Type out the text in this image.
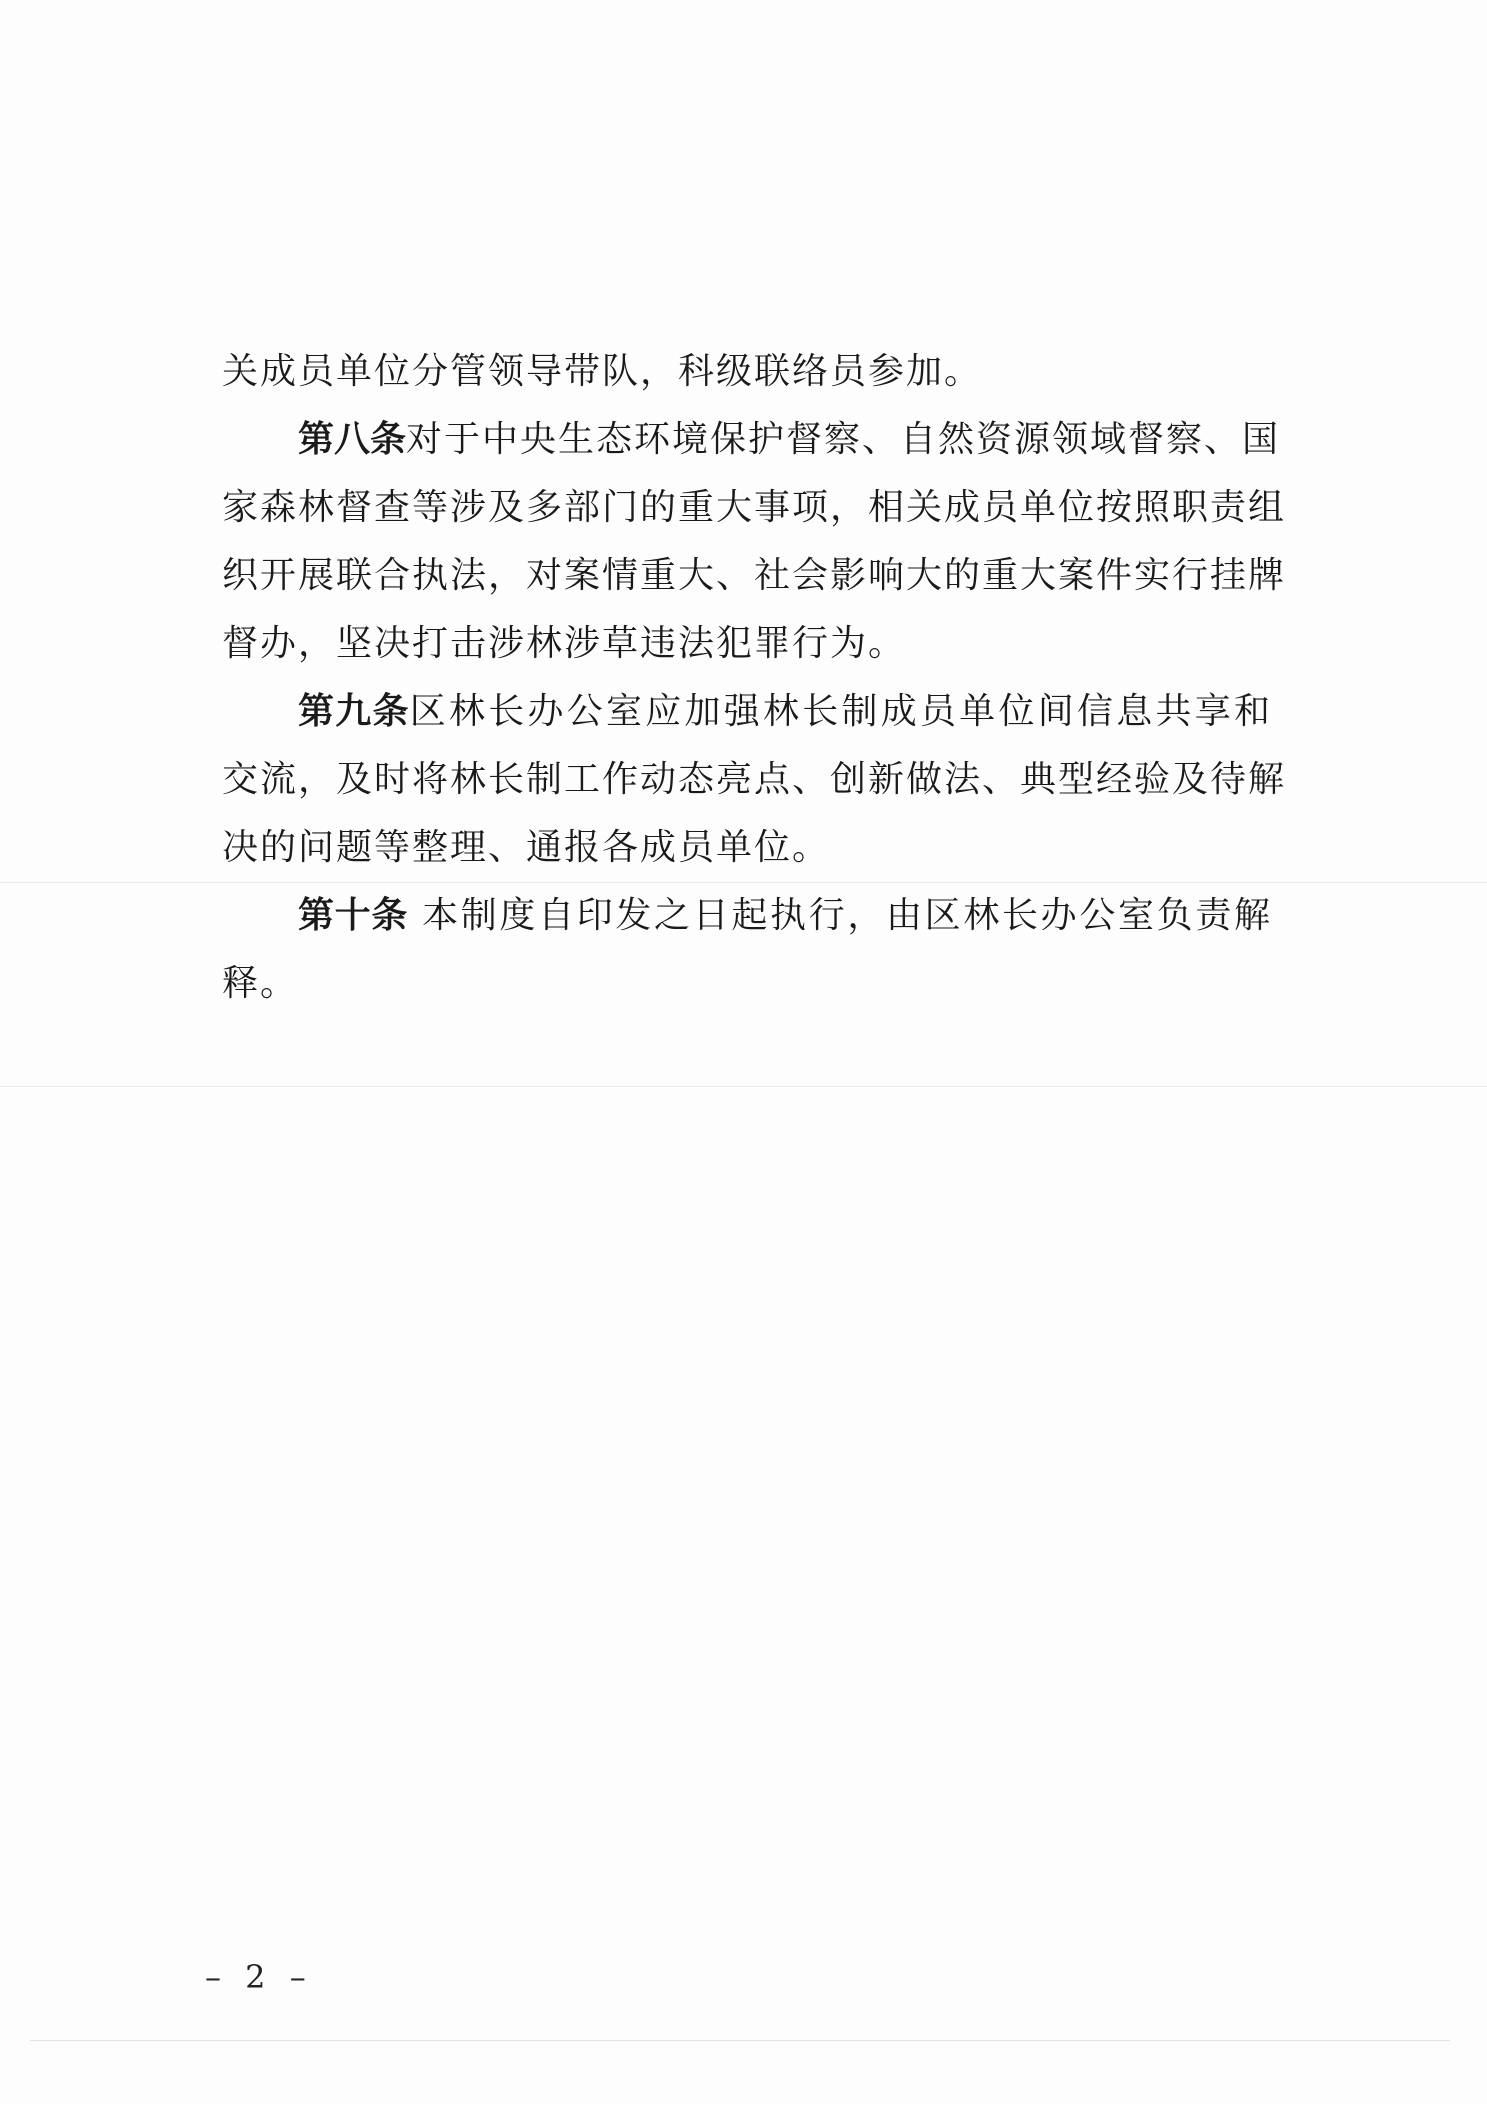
关成员单位分管领导带队，科级联络员参加。
第八条对于中央生态环境保护督察、自然资源领域督察、国
家森林督查等涉及多部门的重大事项，相关成员单位按照职责组
织开展联合执法，对案情重大、社会影响大的重大案件实行挂牌
督办，坚决打击涉林涉草违法犯罪行为。
第九条区林长办公室应加强林长制成员单位间信息共享和
交流，及时将林长制工作动态亮点、创新做法、典型经验及待解
决的问题等整理、通报各成员单位。
第十条 本制度自印发之日起执行，由区林长办公室负责解
释。
– 2 –
